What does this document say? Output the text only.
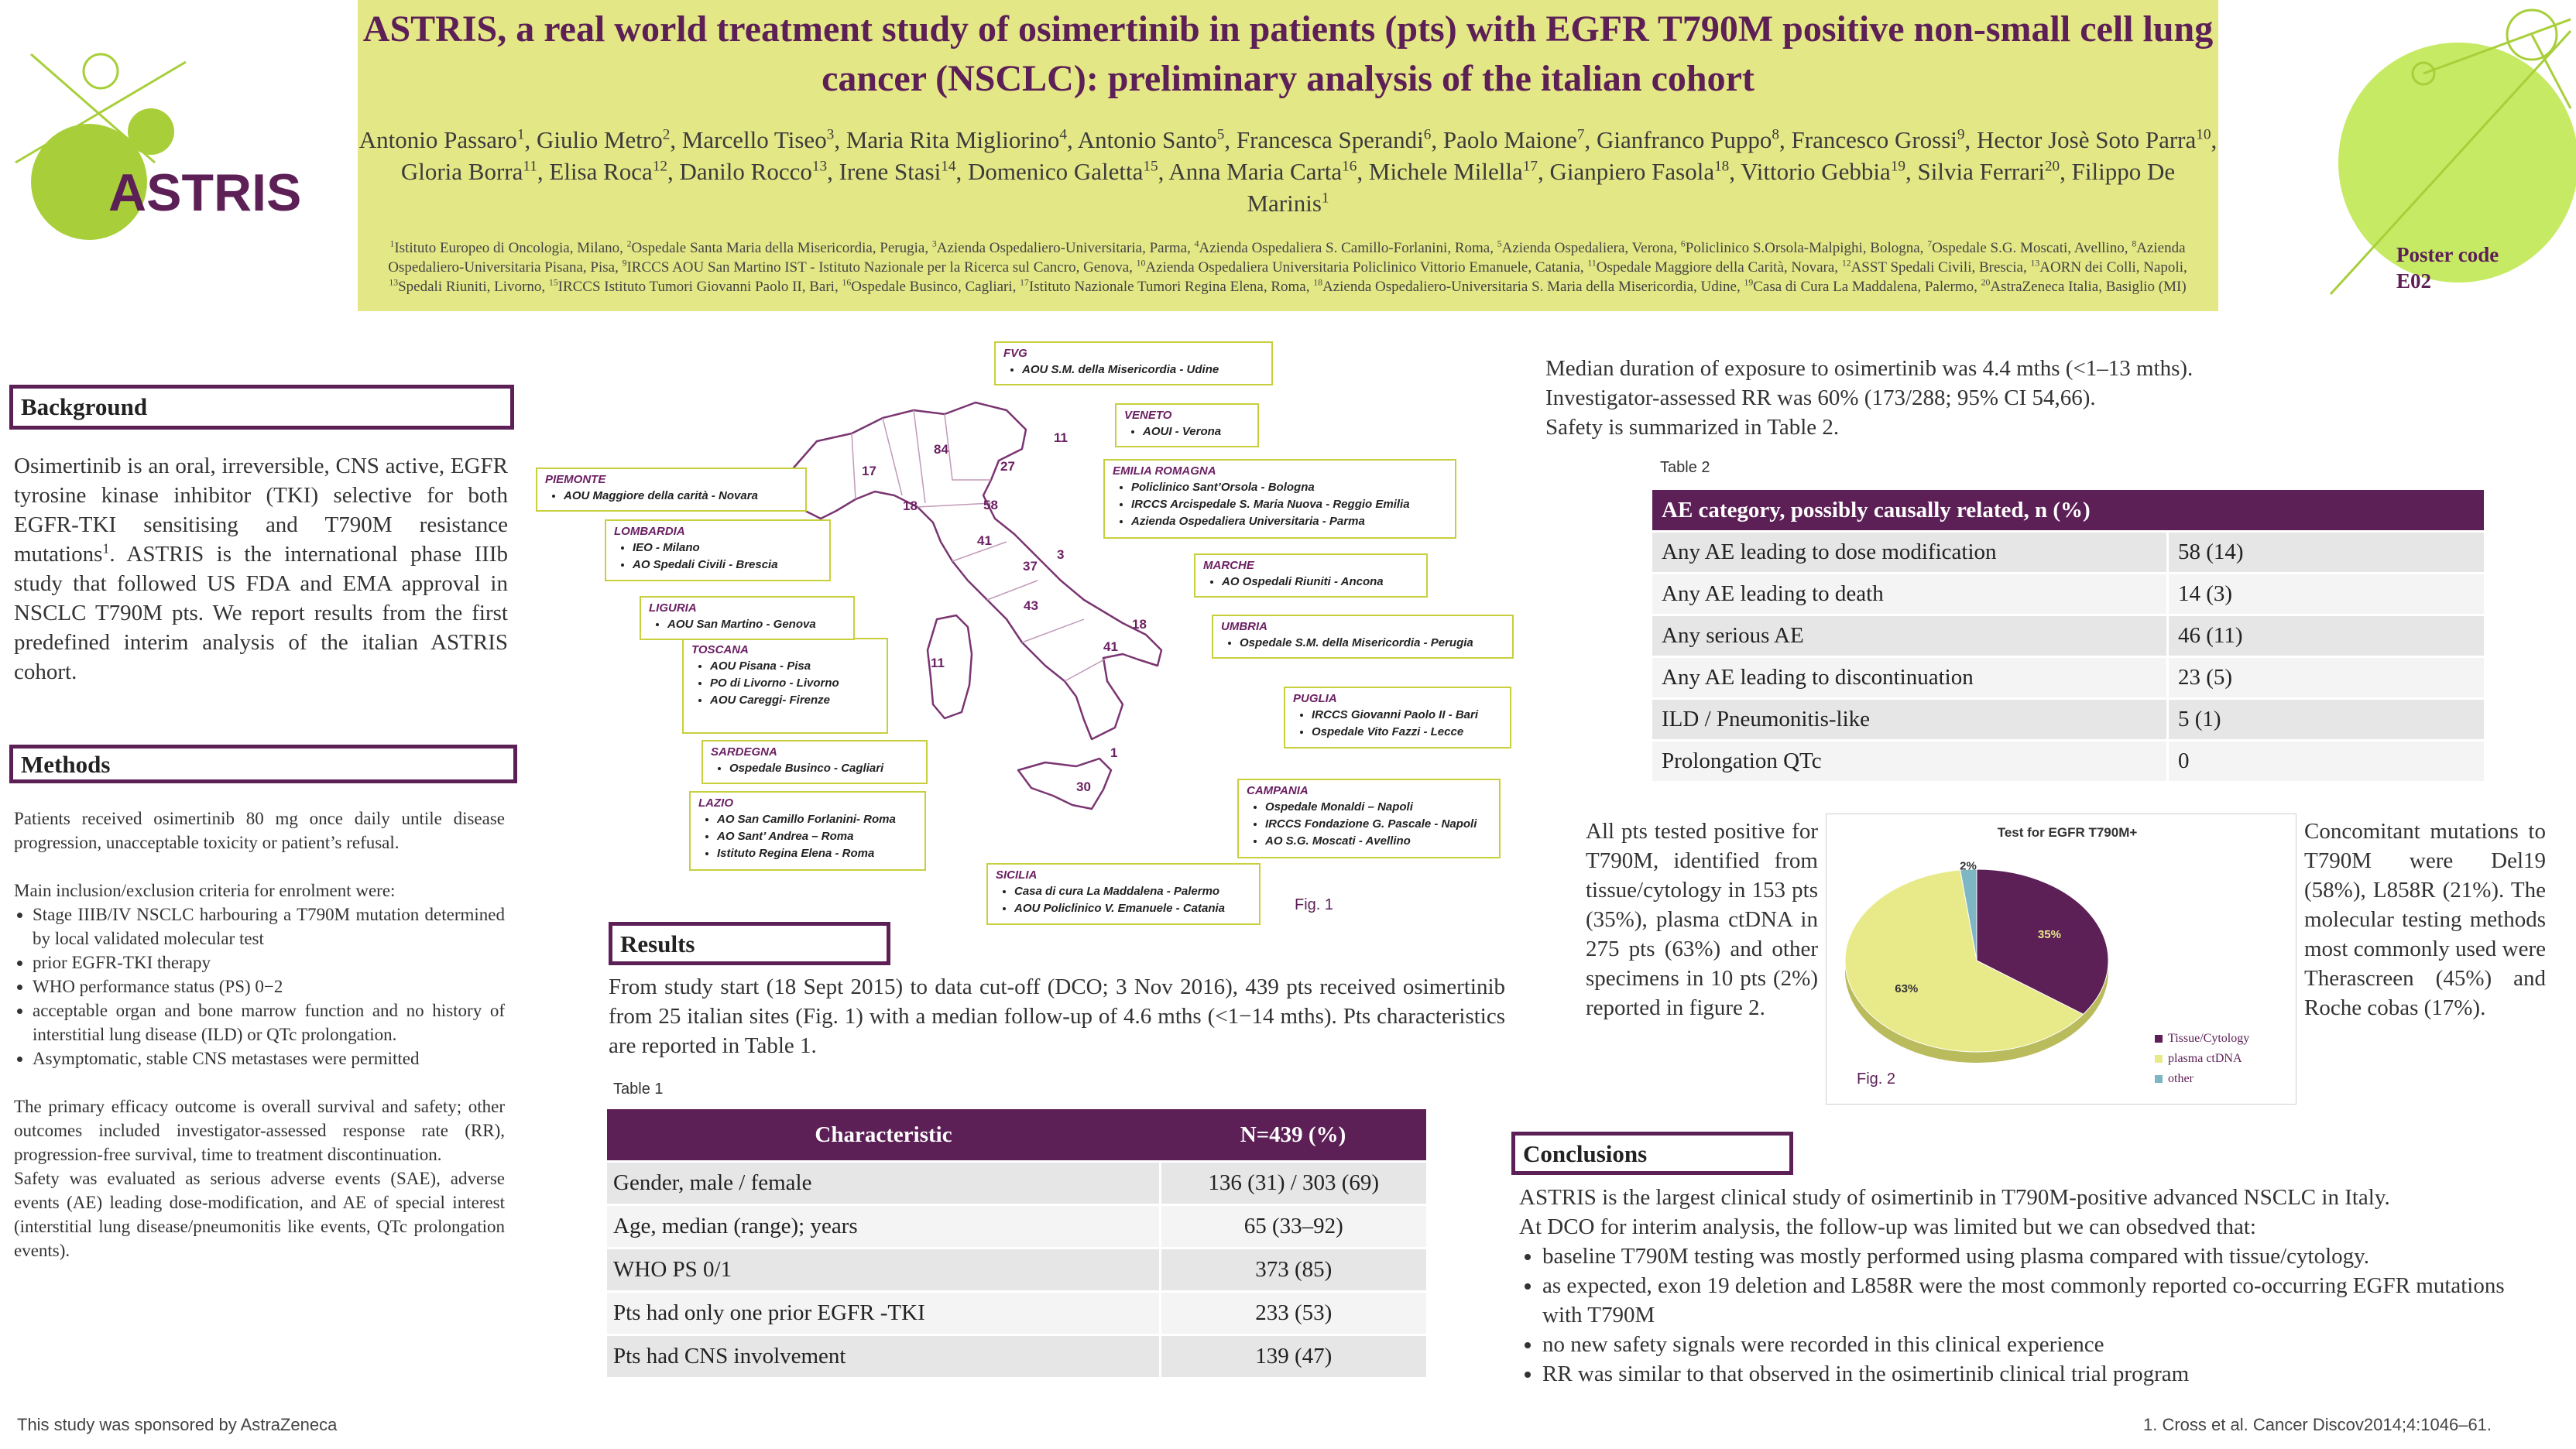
ASTRIS
ASTRIS, a real world treatment study of osimertinib in patients (pts) with EGFR T790M positive non-small cell lung cancer (NSCLC): preliminary analysis of the italian cohort
Antonio Passaro$^1$, Giulio Metro$^2$, Marcello Tiseo$^3$, Maria Rita Migliorino$^4$, Antonio Santo$^5$, Francesca Sperandi$^6$, Paolo Maione$^7$, Gianfranco Puppo$^8$, Francesco Grossi$^9$, Hector Josè Soto Parra$^{10}$, Gloria Borra$^{11}$, Elisa Roca$^{12}$, Danilo Rocco$^{13}$, Irene Stasi$^{14}$, Domenico Galetta$^{15}$, Anna Maria Carta$^{16}$, Michele Milella$^{17}$, Gianpiero Fasola$^{18}$, Vittorio Gebbia$^{19}$, Silvia Ferrari$^{20}$, Filippo De Marinis$^1$
$^1$Istituto Europeo di Oncologia, Milano, $^2$Ospedale Santa Maria della Misericordia, Perugia, $^3$Azienda Ospedaliero-Universitaria, Parma, $^4$Azienda Ospedaliera S. Camillo-Forlanini, Roma, $^5$Azienda Ospedaliera, Verona, $^6$Policlinico S.Orsola-Malpighi, Bologna, $^7$Ospedale S.G. Moscati, Avellino, $^8$Azienda Ospedaliero-Universitaria Pisana, Pisa, $^9$IRCCS AOU San Martino IST - Istituto Nazionale per la Ricerca sul Cancro, Genova, $^{10}$Azienda Ospedaliera Universitaria Policlinico Vittorio Emanuele, Catania, $^{11}$Ospedale Maggiore della Carità, Novara, $^{12}$ASST Spedali Civili, Brescia, $^{13}$AORN dei Colli, Napoli, $^{13}$Spedali Riuniti, Livorno, $^{15}$IRCCS Istituto Tumori Giovanni Paolo II, Bari, $^{16}$Ospedale Businco, Cagliari, $^{17}$Istituto Nazionale Tumori Regina Elena, Roma, $^{18}$Azienda Ospedaliero-Universitaria S. Maria della Misericordia, Udine, $^{19}$Casa di Cura La Maddalena, Palermo, $^{20}$AstraZeneca Italia, Basiglio (MI)
Poster code
E02
Background
Osimertinib is an oral, irreversible, CNS active, EGFR tyrosine kinase inhibitor (TKI) selective for both EGFR-TKI sensitising and T790M resistance mutations$^1$. ASTRIS is the international phase IIIb study that followed US FDA and EMA approval in NSCLC T790M pts. We report results from the first predefined interim analysis of the italian ASTRIS cohort.
Methods
Patients received osimertinib 80 mg once daily untile disease progression, unacceptable toxicity or patient’s refusal.
Main inclusion/exclusion criteria for enrolment were:
• Stage IIIB/IV NSCLC harbouring a T790M mutation determined by local validated molecular test
• prior EGFR-TKI therapy
• WHO performance status (PS) 0−2
• acceptable organ and bone marrow function and no history of interstitial lung disease (ILD) or QTc prolongation.
• Asymptomatic, stable CNS metastases were permitted
The primary efficacy outcome is overall survival and safety; other outcomes included investigator-assessed response rate (RR), progression-free survival, time to treatment discontinuation.
Safety was evaluated as serious adverse events (SAE), adverse events (AE) leading dose-modification, and AE of special interest (interstitial lung disease/pneumonitis like events, QTc prolongation events).
This study was sponsored by AstraZeneca
84
27
11
17
18	58
41
3
37
43
18
41
11
30
1
FVG
• AOU S.M. della Misericordia - Udine
VENETO
• AOUI - Verona
EMILIA ROMAGNA
• Policlinico Sant’Orsola - Bologna
• IRCCS Arcispedale S. Maria Nuova - Reggio Emilia
• Azienda Ospedaliera Universitaria - Parma
MARCHE
• AO Ospedali Riuniti - Ancona
UMBRIA
• Ospedale S.M. della Misericordia - Perugia
PUGLIA
• IRCCS Giovanni Paolo II - Bari
• Ospedale Vito Fazzi - Lecce
CAMPANIA
• Ospedale Monaldi – Napoli
• IRCCS Fondazione G. Pascale - Napoli
• AO S.G. Moscati - Avellino
SICILIA
• Casa di cura La Maddalena - Palermo
• AOU Policlinico V. Emanuele - Catania
LAZIO
• AO San Camillo Forlanini- Roma
• AO Sant’ Andrea – Roma
• Istituto Regina Elena - Roma
SARDEGNA
• Ospedale Businco - Cagliari
TOSCANA
• AOU Pisana - Pisa
• PO di Livorno - Livorno
• AOU Careggi- Firenze
LIGURIA
• AOU San Martino - Genova
LOMBARDIA
• IEO - Milano
• AO Spedali Civili - Brescia
PIEMONTE
• AOU Maggiore della carità - Novara
Fig. 1
Results
From study start (18 Sept 2015) to data cut-off (DCO; 3 Nov 2016), 439 pts received osimertinib from 25 italian sites (Fig. 1) with a median follow-up of 4.6 mths (<1−14 mths). Pts characteristics are reported in Table 1.
Table 1
Characteristic	N=439 (%)
Gender, male / female	136 (31) / 303 (69)
Age, median (range); years	65 (33–92)
WHO PS 0/1	373 (85)
Pts had only one prior EGFR -TKI	233 (53)
Pts had CNS involvement	139 (47)
Median duration of exposure to osimertinib was 4.4 mths (<1–13 mths).
Investigator-assessed RR was 60% (173/288; 95% CI 54,66).
Safety is summarized in Table 2.
Table 2
AE category, possibly causally related, n (%)	
Any AE leading to dose modification	58 (14)
Any AE leading to death	14 (3)
Any serious AE	46 (11)
Any AE leading to discontinuation	23 (5)
ILD / Pneumonitis-like	5 (1)
Prolongation QTc	0
All pts tested positive for T790M, identified from tissue/cytology in 153 pts (35%), plasma ctDNA in 275 pts (63%) and other specimens in 10 pts (2%) reported in figure 2.
Test for EGFR T790M+
35%
63%
2%
Tissue/Cytology
plasma ctDNA
other
Fig. 2
Concomitant mutations to T790M were Del19 (58%), L858R (21%). The molecular testing methods most commonly used were Therascreen (45%) and Roche cobas (17%).
Conclusions
ASTRIS is the largest clinical study of osimertinib in T790M-positive advanced NSCLC in Italy.
At DCO for interim analysis, the follow-up was limited but we can obsedved that:
• baseline T790M testing was mostly performed using plasma compared with tissue/cytology.
• as expected, exon 19 deletion and L858R were the most commonly reported co-occurring EGFR mutations with T790M
• no new safety signals were recorded in this clinical experience
• RR was similar to that observed in the osimertinib clinical trial program
1. Cross et al. Cancer Discov2014;4:1046–61.
